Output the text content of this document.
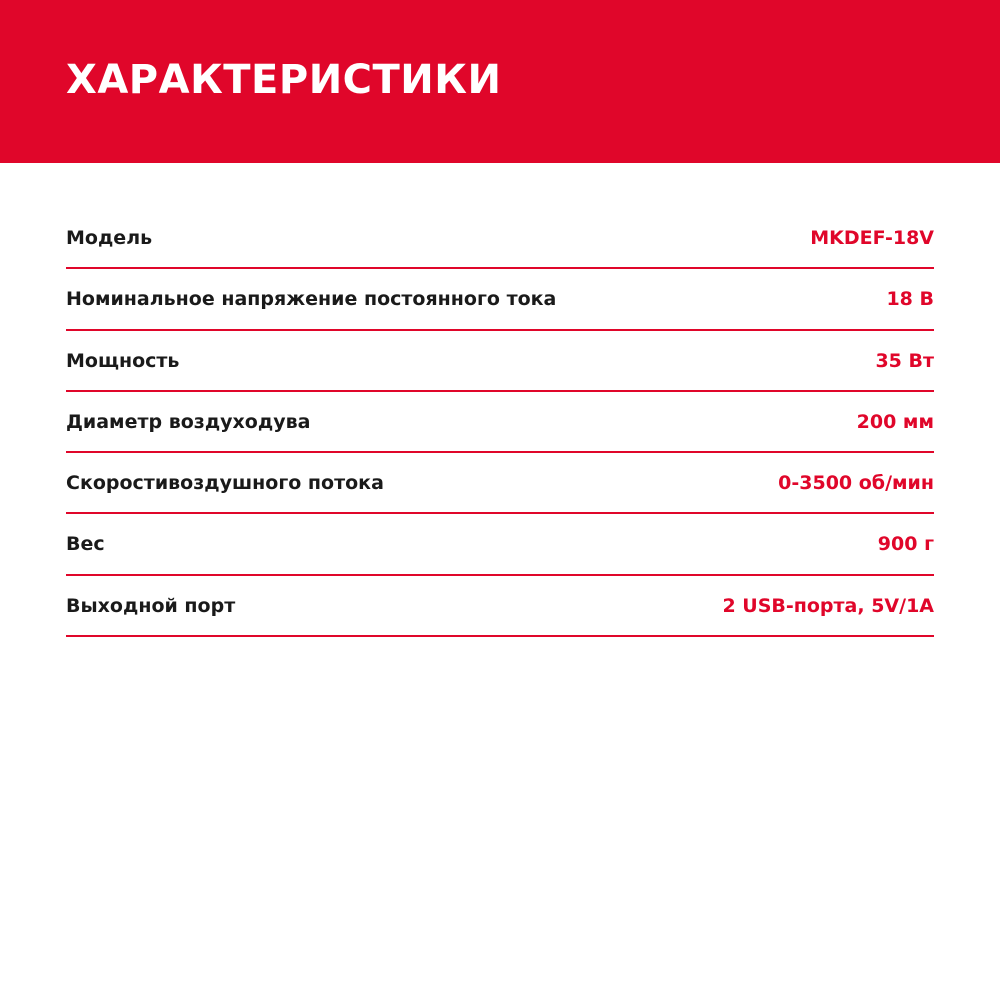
ХАРАКТЕРИСТИКИ
Модель	MKDEF-18V
Номинальное напряжение постоянного тока	18 В
Мощность	35 Вт
Диаметр воздуходува	200 мм
Скоростивоздушного потока	0-3500 об/мин
Вес	900 г
Выходной порт	2 USB-порта, 5V/1A
